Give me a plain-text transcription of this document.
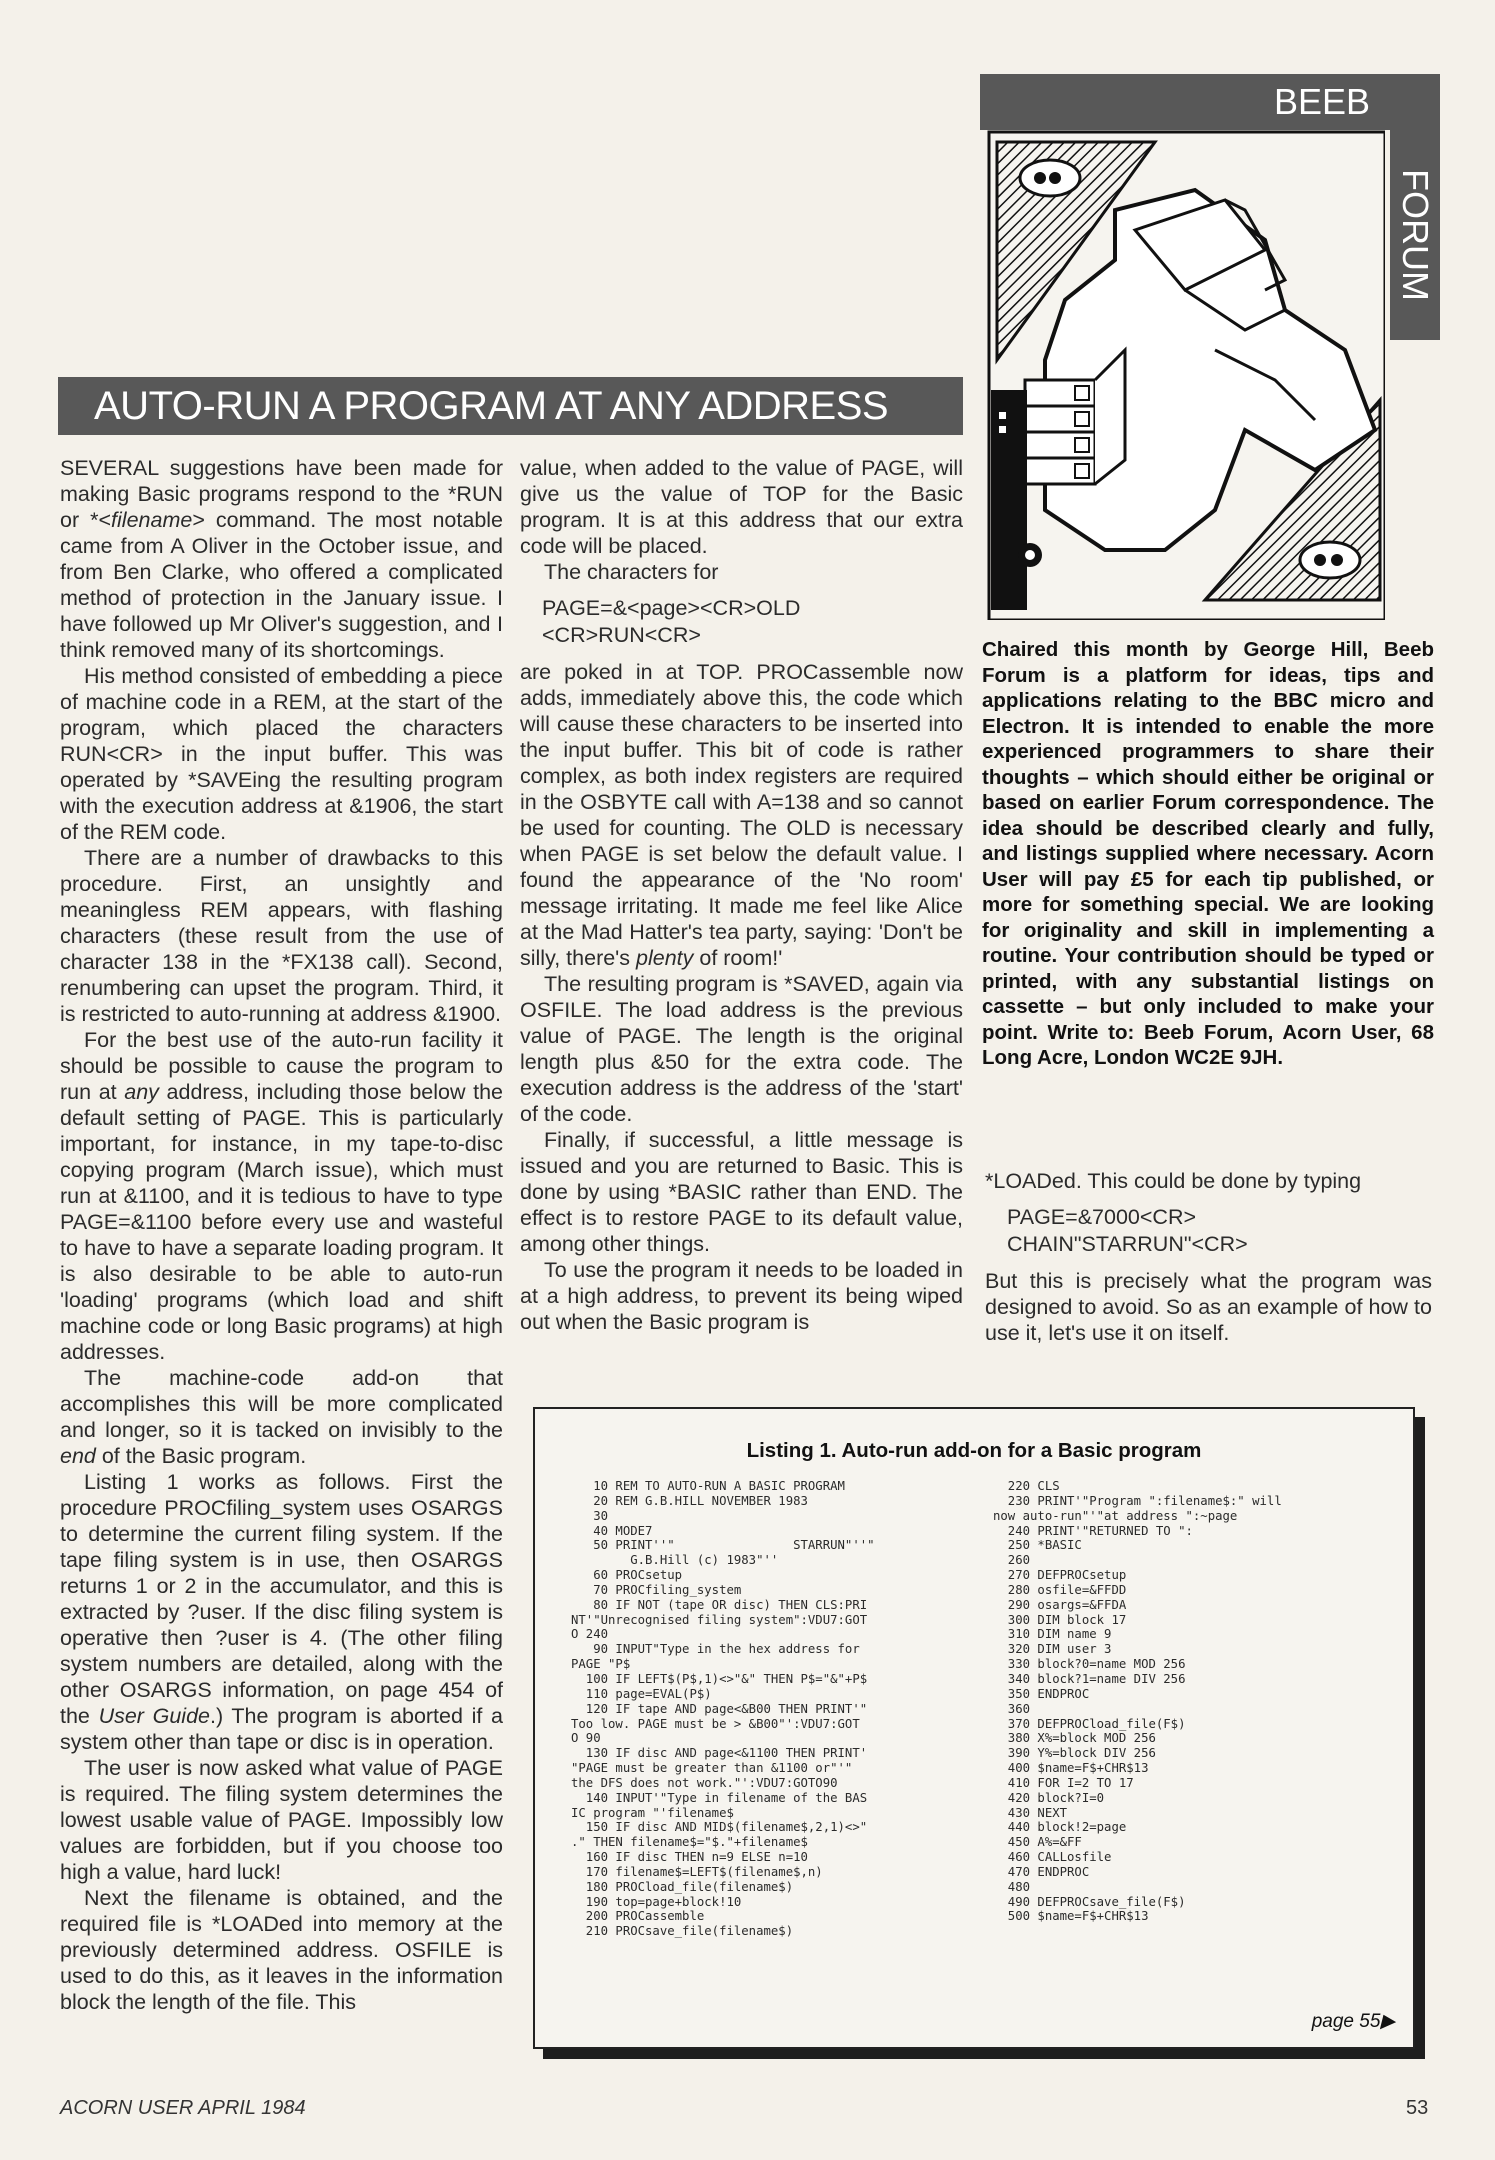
BEEB
FORUM
AUTO-RUN A PROGRAM AT ANY ADDRESS

SEVERAL suggestions have been made for making Basic programs respond to the *RUN or *<filename> command. The most notable came from A Oliver in the October issue, and from Ben Clarke, who offered a complicated method of protection in the January issue. I have followed up Mr Oliver's suggestion, and I think removed many of its shortcomings.

His method consisted of embedding a piece of machine code in a REM, at the start of the program, which placed the characters RUN<CR> in the input buffer. This was operated by *SAVEing the resulting program with the execution address at &1906, the start of the REM code.

There are a number of drawbacks to this procedure. First, an unsightly and meaningless REM appears, with flashing characters (these result from the use of character 138 in the *FX138 call). Second, renumbering can upset the program. Third, it is restricted to auto-running at address &1900.

For the best use of the auto-run facility it should be possible to cause the program to run at any address, including those below the default setting of PAGE. This is particularly important, for instance, in my tape-to-disc copying program (March issue), which must run at &1100, and it is tedious to have to type PAGE=&1100 before every use and wasteful to have to have a separate loading program. It is also desirable to be able to auto-run 'loading' programs (which load and shift machine code or long Basic programs) at high addresses.

The machine-code add-on that accomplishes this will be more complicated and longer, so it is tacked on invisibly to the end of the Basic program.

Listing 1 works as follows. First the procedure PROCfiling_system uses OSARGS to determine the current filing system. If the tape filing system is in use, then OSARGS returns 1 or 2 in the accumulator, and this is extracted by ?user. If the disc filing system is operative then ?user is 4. (The other filing system numbers are detailed, along with the other OSARGS information, on page 454 of the User Guide.) The program is aborted if a system other than tape or disc is in operation.

The user is now asked what value of PAGE is required. The filing system determines the lowest usable value of PAGE. Impossibly low values are forbidden, but if you choose too high a value, hard luck!

Next the filename is obtained, and the required file is *LOADed into memory at the previously determined address. OSFILE is used to do this, as it leaves in the information block the length of the file. This

value, when added to the value of PAGE, will give us the value of TOP for the Basic program. It is at this address that our extra code will be placed.

The characters for

PAGE=&<page><CR>OLD
<CR>RUN<CR>

are poked in at TOP. PROCassemble now adds, immediately above this, the code which will cause these characters to be inserted into the input buffer. This bit of code is rather complex, as both index registers are required in the OSBYTE call with A=138 and so cannot be used for counting. The OLD is necessary when PAGE is set below the default value. I found the appearance of the 'No room' message irritating. It made me feel like Alice at the Mad Hatter's tea party, saying: 'Don't be silly, there's plenty of room!'

The resulting program is *SAVED, again via OSFILE. The load address is the previous value of PAGE. The length is the original length plus &50 for the extra code. The execution address is the address of the 'start' of the code.

Finally, if successful, a little message is issued and you are returned to Basic. This is done by using *BASIC rather than END. The effect is to restore PAGE to its default value, among other things.

To use the program it needs to be loaded in at a high address, to prevent its being wiped out when the Basic program is

Chaired this month by George Hill, Beeb Forum is a platform for ideas, tips and applications relating to the BBC micro and Electron. It is intended to enable the more experienced programmers to share their thoughts – which should either be original or based on earlier Forum correspondence. The idea should be described clearly and fully, and listings supplied where necessary. Acorn User will pay £5 for each tip published, or more for something special. We are looking for originality and skill in implementing a routine. Your contribution should be typed or printed, with any substantial listings on cassette – but only included to make your point. Write to: Beeb Forum, Acorn User, 68 Long Acre, London WC2E 9JH.

*LOADed. This could be done by typing

PAGE=&7000<CR>
CHAIN"STARRUN"<CR>

But this is precisely what the program was designed to avoid. So as an example of how to use it, let's use it on itself.

Listing 1. Auto-run add-on for a Basic program
10 REM TO AUTO-RUN A BASIC PROGRAM
20 REM G.B.HILL NOVEMBER 1983
30
40 MODE7
50 PRINT''"                STARRUN"''"
G.B.Hill (c) 1983"''
60 PROCsetup
70 PROCfiling_system
80 IF NOT (tape OR disc) THEN CLS:PRI
NT'"Unrecognised filing system":VDU7:GOT
O 240
90 INPUT"Type in the hex address for
PAGE "P$
100 IF LEFT$(P$,1)<>"&" THEN P$="&"+P$
110 page=EVAL(P$)
120 IF tape AND page<&B00 THEN PRINT'"
Too low. PAGE must be > &B00"':VDU7:GOT
O 90
130 IF disc AND page<&1100 THEN PRINT'
"PAGE must be greater than &1100 or"'"
the DFS does not work."':VDU7:GOTO90
140 INPUT'"Type in filename of the BAS
IC program "'filename$
150 IF disc AND MID$(filename$,2,1)<>"
." THEN filename$="$."+filename$
160 IF disc THEN n=9 ELSE n=10
170 filename$=LEFT$(filename$,n)
180 PROCload_file(filename$)
190 top=page+block!10
200 PROCassemble
210 PROCsave_file(filename$)
220 CLS
230 PRINT'"Program ":filename$:" will
now auto-run"'"at address ":~page
240 PRINT'"RETURNED TO ":
250 *BASIC
260
270 DEFPROCsetup
280 osfile=&FFDD
290 osargs=&FFDA
300 DIM block 17
310 DIM name 9
320 DIM user 3
330 block?0=name MOD 256
340 block?1=name DIV 256
350 ENDPROC
360
370 DEFPROCload_file(F$)
380 X%=block MOD 256
390 Y%=block DIV 256
400 $name=F$+CHR$13
410 FOR I=2 TO 17
420 block?I=0
430 NEXT
440 block!2=page
450 A%=&FF
460 CALLosfile
470 ENDPROC
480
490 DEFPROCsave_file(F$)
500 $name=F$+CHR$13
page 55▶
ACORN USER APRIL 1984	53
